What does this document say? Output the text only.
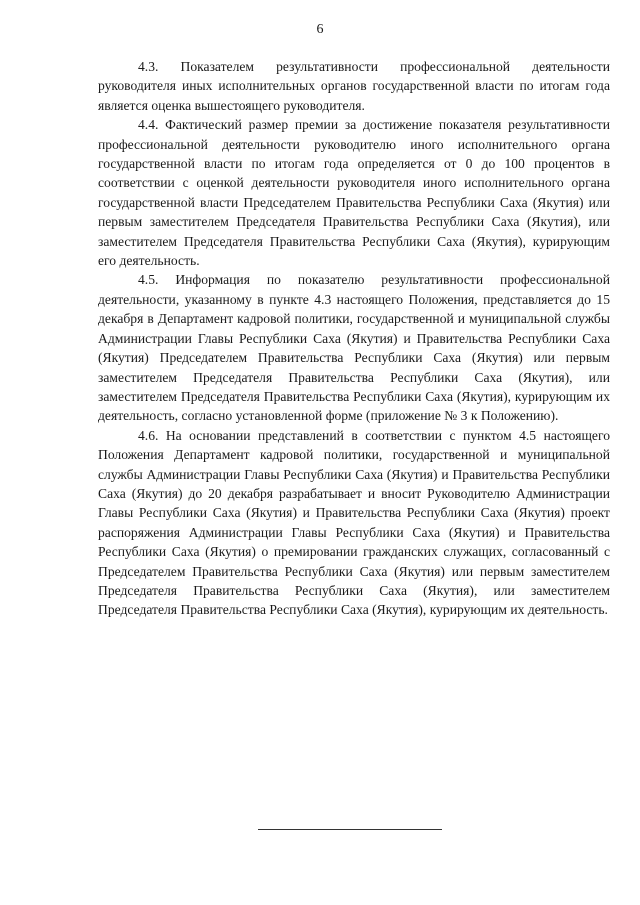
6

4.3. Показателем результативности профессиональной деятельности руководителя иных исполнительных органов государственной власти по итогам года является оценка вышестоящего руководителя.

4.4. Фактический размер премии за достижение показателя результативности профессиональной деятельности руководителю иного исполнительного органа государственной власти по итогам года определяется от 0 до 100 процентов в соответствии с оценкой деятельности руководителя иного исполнительного органа государственной власти Председателем Правительства Республики Саха (Якутия) или первым заместителем Председателя Правительства Республики Саха (Якутия), или заместителем Председателя Правительства Республики Саха (Якутия), курирующим его деятельность.

4.5. Информация по показателю результативности профессиональной деятельности, указанному в пункте 4.3 настоящего Положения, представляется до 15 декабря в Департамент кадровой политики, государственной и муниципальной службы Администрации Главы Республики Саха (Якутия) и Правительства Республики Саха (Якутия) Председателем Правительства Республики Саха (Якутия) или первым заместителем Председателя Правительства Республики Саха (Якутия), или заместителем Председателя Правительства Республики Саха (Якутия), курирующим их деятельность, согласно установленной форме (приложение № 3 к Положению).

4.6. На основании представлений в соответствии с пунктом 4.5 настоящего Положения Департамент кадровой политики, государственной и муниципальной службы Администрации Главы Республики Саха (Якутия) и Правительства Республики Саха (Якутия) до 20 декабря разрабатывает и вносит Руководителю Администрации Главы Республики Саха (Якутия) и Правительства Республики Саха (Якутия) проект распоряжения Администрации Главы Республики Саха (Якутия) и Правительства Республики Саха (Якутия) о премировании гражданских служащих, согласованный с Председателем Правительства Республики Саха (Якутия) или первым заместителем Председателя Правительства Республики Саха (Якутия), или заместителем Председателя Правительства Республики Саха (Якутия), курирующим их деятельность.
